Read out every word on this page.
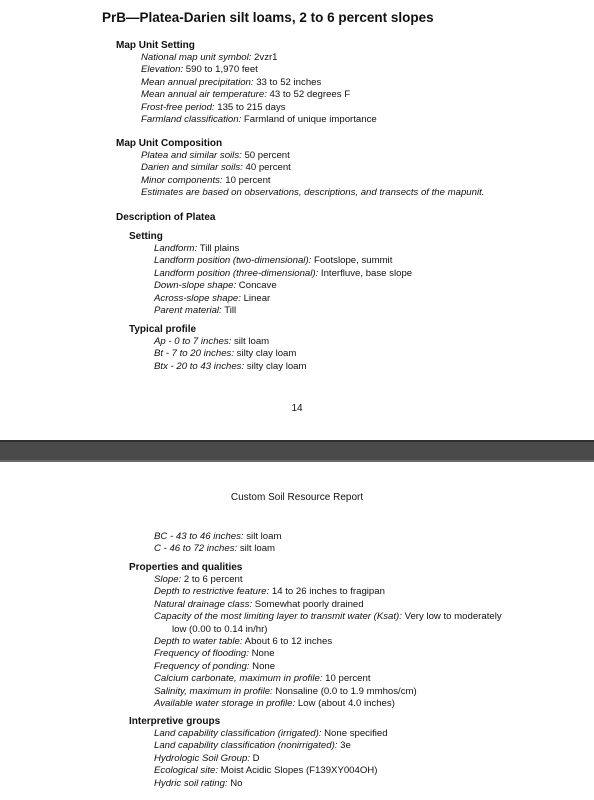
PrB—Platea-Darien silt loams, 2 to 6 percent slopes
Map Unit Setting
National map unit symbol: 2vzr1
Elevation: 590 to 1,970 feet
Mean annual precipitation: 33 to 52 inches
Mean annual air temperature: 43 to 52 degrees F
Frost-free period: 135 to 215 days
Farmland classification: Farmland of unique importance
Map Unit Composition
Platea and similar soils: 50 percent
Darien and similar soils: 40 percent
Minor components: 10 percent
Estimates are based on observations, descriptions, and transects of the mapunit.
Description of Platea
Setting
Landform: Till plains
Landform position (two-dimensional): Footslope, summit
Landform position (three-dimensional): Interfluve, base slope
Down-slope shape: Concave
Across-slope shape: Linear
Parent material: Till
Typical profile
Ap - 0 to 7 inches: silt loam
Bt - 7 to 20 inches: silty clay loam
Btx - 20 to 43 inches: silty clay loam
14
Custom Soil Resource Report
BC - 43 to 46 inches: silt loam
C - 46 to 72 inches: silt loam
Properties and qualities
Slope: 2 to 6 percent
Depth to restrictive feature: 14 to 26 inches to fragipan
Natural drainage class: Somewhat poorly drained
Capacity of the most limiting layer to transmit water (Ksat): Very low to moderately
low (0.00 to 0.14 in/hr)
Depth to water table: About 6 to 12 inches
Frequency of flooding: None
Frequency of ponding: None
Calcium carbonate, maximum in profile: 10 percent
Salinity, maximum in profile: Nonsaline (0.0 to 1.9 mmhos/cm)
Available water storage in profile: Low (about 4.0 inches)
Interpretive groups
Land capability classification (irrigated): None specified
Land capability classification (nonirrigated): 3e
Hydrologic Soil Group: D
Ecological site: Moist Acidic Slopes (F139XY004OH)
Hydric soil rating: No
